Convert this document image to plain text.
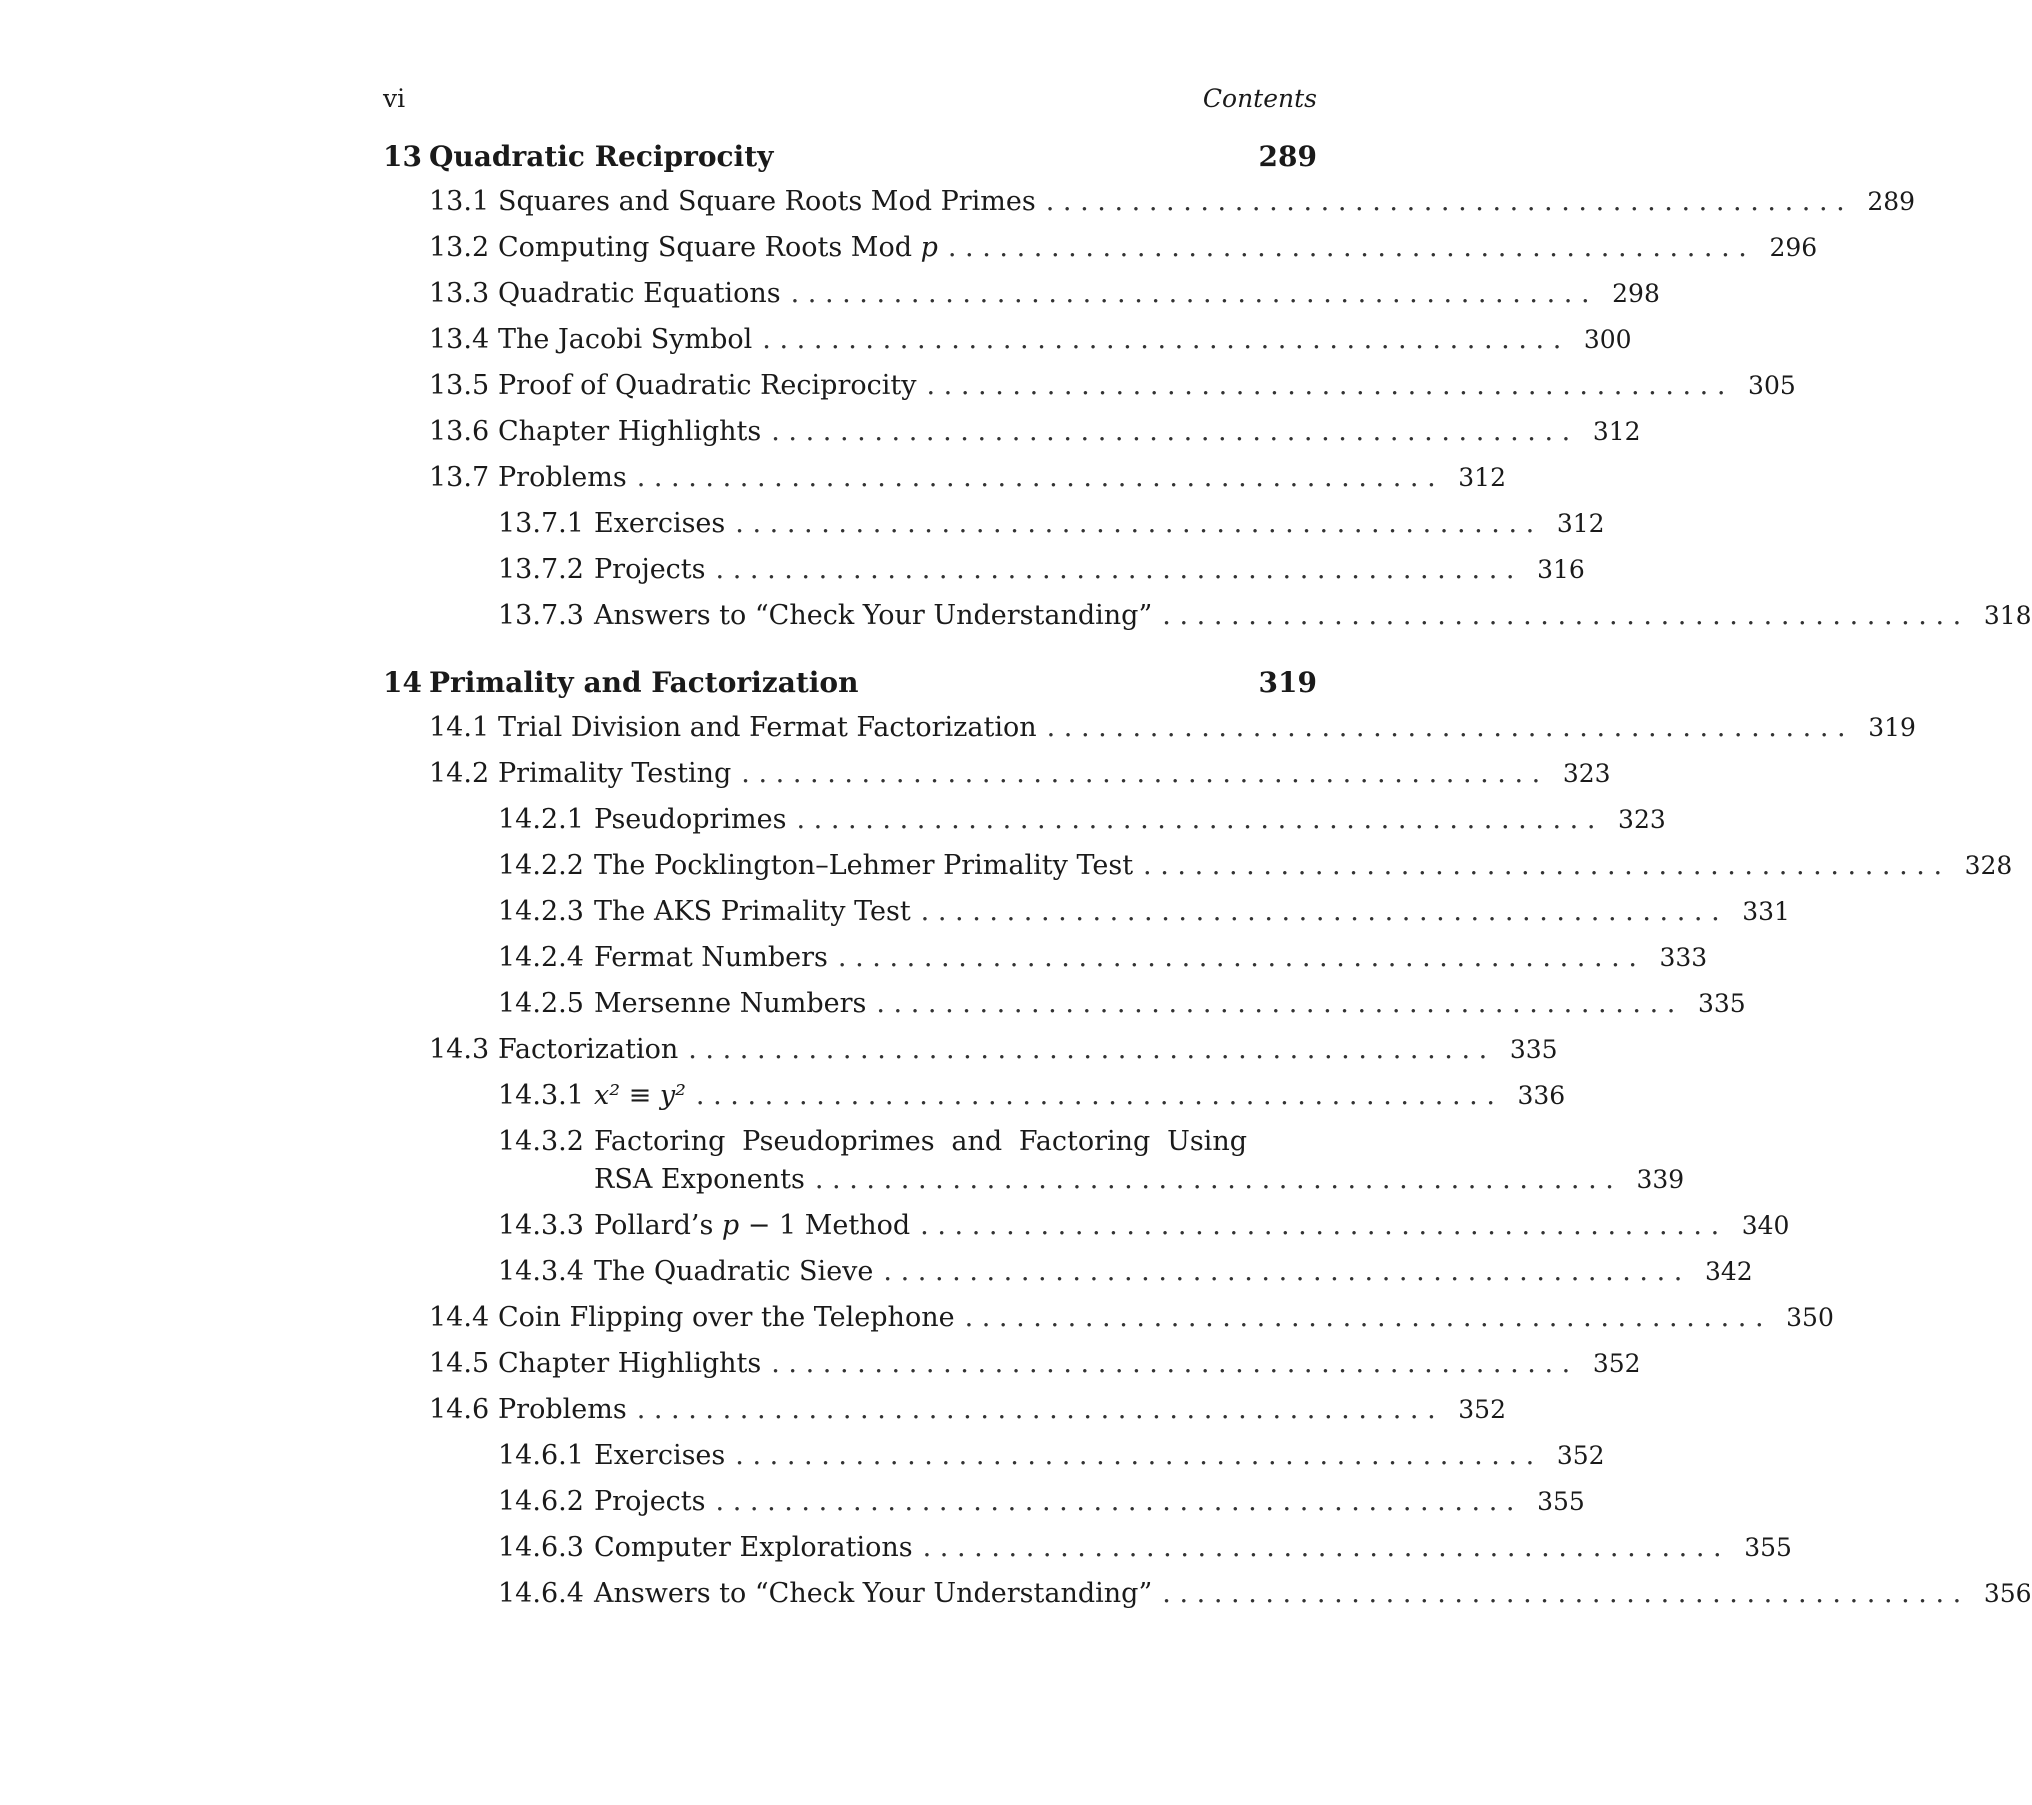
vi	Contents
13 Quadratic Reciprocity	289
13.1 Squares and Square Roots Mod Primes ............................................... 289
13.2 Computing Square Roots Mod p ............................................... 296
13.3 Quadratic Equations ............................................... 298
13.4 The Jacobi Symbol ............................................... 300
13.5 Proof of Quadratic Reciprocity ............................................... 305
13.6 Chapter Highlights ............................................... 312
13.7 Problems ............................................... 312
13.7.1 Exercises ............................................... 312
13.7.2 Projects ............................................... 316
13.7.3 Answers to “Check Your Understanding” ............................................... 318
14 Primality and Factorization	319
14.1 Trial Division and Fermat Factorization ............................................... 319
14.2 Primality Testing ............................................... 323
14.2.1 Pseudoprimes ............................................... 323
14.2.2 The Pocklington–Lehmer Primality Test ............................................... 328
14.2.3 The AKS Primality Test ............................................... 331
14.2.4 Fermat Numbers ............................................... 333
14.2.5 Mersenne Numbers ............................................... 335
14.3 Factorization ............................................... 335
14.3.1 x² ≡ y² ............................................... 336
14.3.2 Factoring Pseudoprimes and Factoring Using
RSA Exponents ............................................... 339
14.3.3 Pollard’s p − 1 Method ............................................... 340
14.3.4 The Quadratic Sieve ............................................... 342
14.4 Coin Flipping over the Telephone ............................................... 350
14.5 Chapter Highlights ............................................... 352
14.6 Problems ............................................... 352
14.6.1 Exercises ............................................... 352
14.6.2 Projects ............................................... 355
14.6.3 Computer Explorations ............................................... 355
14.6.4 Answers to “Check Your Understanding” ............................................... 356
